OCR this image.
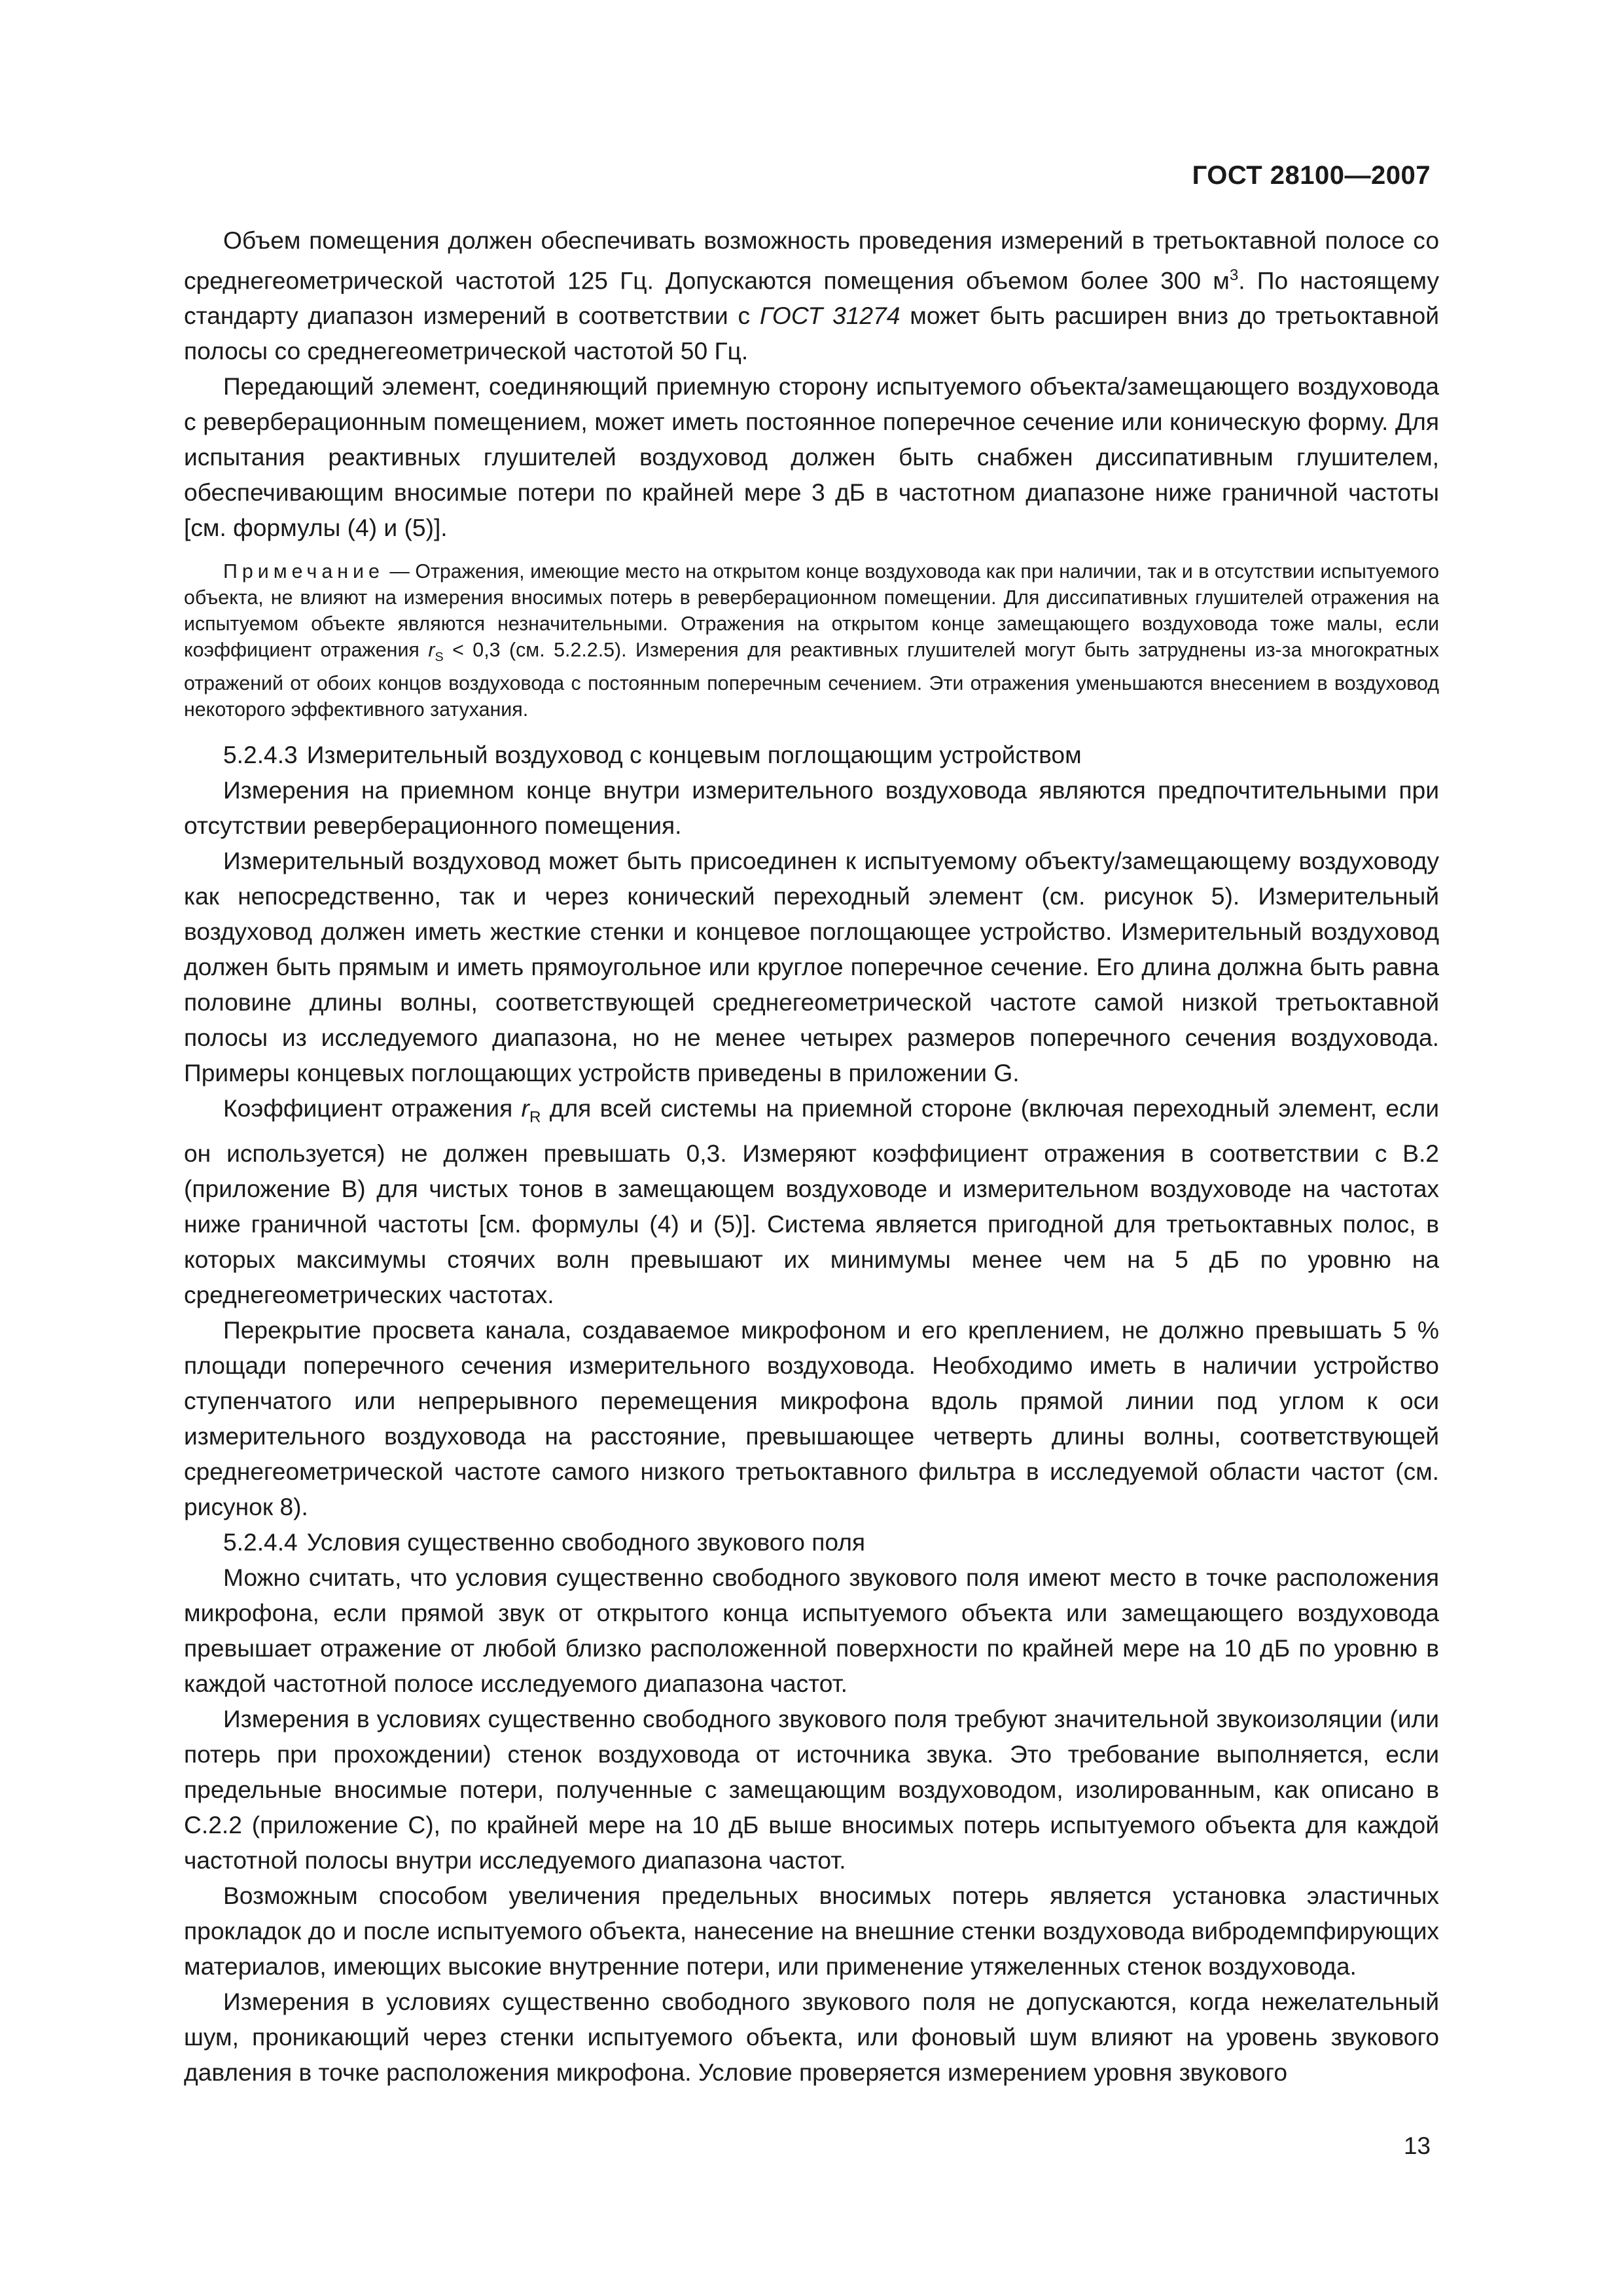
ГОСТ 28100—2007

Объем помещения должен обеспечивать возможность проведения измерений в третьоктавной полосе со среднегеометрической частотой 125 Гц. Допускаются помещения объемом более 300 $м^3$. По настоящему стандарту диапазон измерений в соответствии с ГОСТ 31274 может быть расширен вниз до третьоктавной полосы со среднегеометрической частотой 50 Гц.

Передающий элемент, соединяющий приемную сторону испытуемого объекта/замещающего воздуховода с реверберационным помещением, может иметь постоянное поперечное сечение или коническую форму. Для испытания реактивных глушителей воздуховод должен быть снабжен диссипативным глушителем, обеспечивающим вносимые потери по крайней мере 3 дБ в частотном диапазоне ниже граничной частоты [см. формулы (4) и (5)].

Примечание — Отражения, имеющие место на открытом конце воздуховода как при наличии, так и в отсутствии испытуемого объекта, не влияют на измерения вносимых потерь в реверберационном помещении. Для диссипативных глушителей отражения на испытуемом объекте являются незначительными. Отражения на открытом конце замещающего воздуховода тоже малы, если коэффициент отражения $r_S < 0,3$ (см. 5.2.2.5). Измерения для реактивных глушителей могут быть затруднены из-за многократных отражений от обоих концов воздуховода с постоянным поперечным сечением. Эти отражения уменьшаются внесением в воздуховод некоторого эффективного затухания.

5.2.4.3 Измерительный воздуховод с концевым поглощающим устройством

Измерения на приемном конце внутри измерительного воздуховода являются предпочтительными при отсутствии реверберационного помещения.

Измерительный воздуховод может быть присоединен к испытуемому объекту/замещающему воздуховоду как непосредственно, так и через конический переходный элемент (см. рисунок 5). Измерительный воздуховод должен иметь жесткие стенки и концевое поглощающее устройство. Измерительный воздуховод должен быть прямым и иметь прямоугольное или круглое поперечное сечение. Его длина должна быть равна половине длины волны, соответствующей среднегеометрической частоте самой низкой третьоктавной полосы из исследуемого диапазона, но не менее четырех размеров поперечного сечения воздуховода. Примеры концевых поглощающих устройств приведены в приложении G.

Коэффициент отражения $r_R$ для всей системы на приемной стороне (включая переходный элемент, если он используется) не должен превышать 0,3. Измеряют коэффициент отражения в соответствии с B.2 (приложение B) для чистых тонов в замещающем воздуховоде и измерительном воздуховоде на частотах ниже граничной частоты [см. формулы (4) и (5)]. Система является пригодной для третьоктавных полос, в которых максимумы стоячих волн превышают их минимумы менее чем на 5 дБ по уровню на среднегеометрических частотах.

Перекрытие просвета канала, создаваемое микрофоном и его креплением, не должно превышать 5 % площади поперечного сечения измерительного воздуховода. Необходимо иметь в наличии устройство ступенчатого или непрерывного перемещения микрофона вдоль прямой линии под углом к оси измерительного воздуховода на расстояние, превышающее четверть длины волны, соответствующей среднегеометрической частоте самого низкого третьоктавного фильтра в исследуемой области частот (см. рисунок 8).

5.2.4.4 Условия существенно свободного звукового поля

Можно считать, что условия существенно свободного звукового поля имеют место в точке расположения микрофона, если прямой звук от открытого конца испытуемого объекта или замещающего воздуховода превышает отражение от любой близко расположенной поверхности по крайней мере на 10 дБ по уровню в каждой частотной полосе исследуемого диапазона частот.

Измерения в условиях существенно свободного звукового поля требуют значительной звукоизоляции (или потерь при прохождении) стенок воздуховода от источника звука. Это требование выполняется, если предельные вносимые потери, полученные с замещающим воздуховодом, изолированным, как описано в С.2.2 (приложение С), по крайней мере на 10 дБ выше вносимых потерь испытуемого объекта для каждой частотной полосы внутри исследуемого диапазона частот.

Возможным способом увеличения предельных вносимых потерь является установка эластичных прокладок до и после испытуемого объекта, нанесение на внешние стенки воздуховода вибродемпфирующих материалов, имеющих высокие внутренние потери, или применение утяжеленных стенок воздуховода.

Измерения в условиях существенно свободного звукового поля не допускаются, когда нежелательный шум, проникающий через стенки испытуемого объекта, или фоновый шум влияют на уровень звукового давления в точке расположения микрофона. Условие проверяется измерением уровня звукового

13
